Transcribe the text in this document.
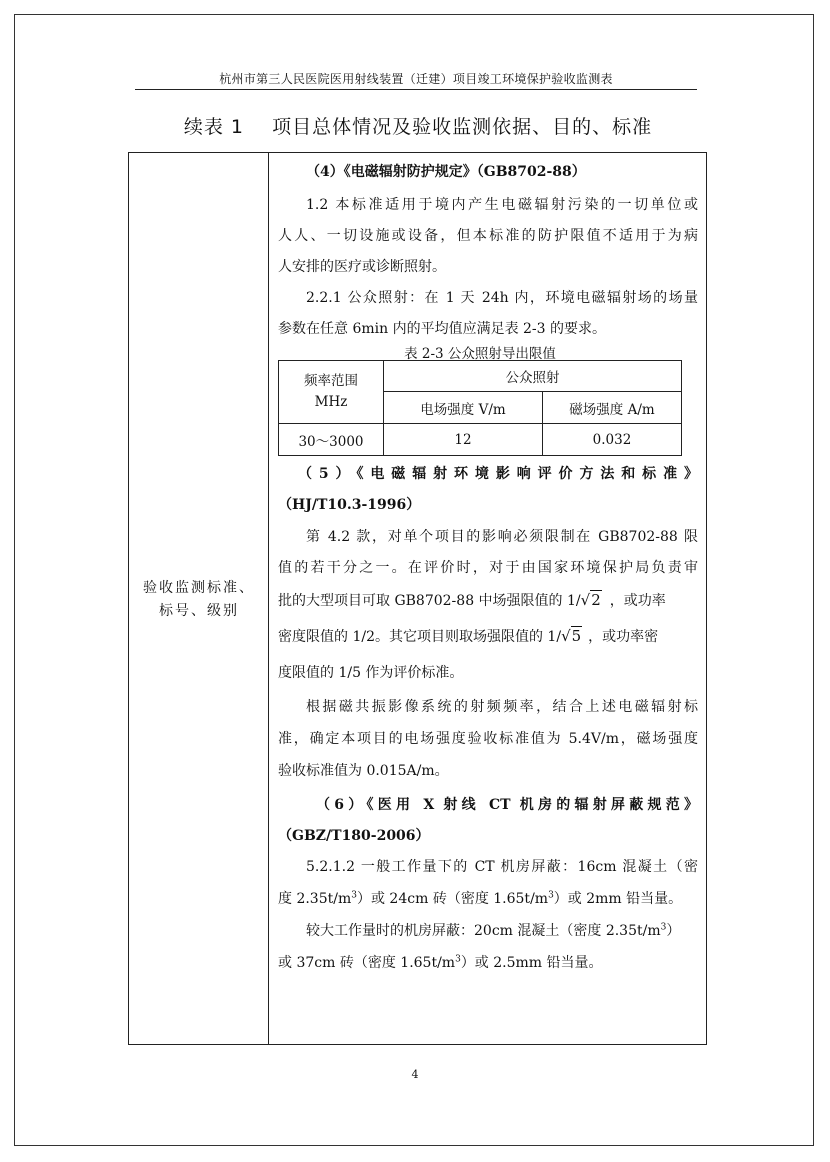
杭州市第三人民医院医用射线装置（迁建）项目竣工环境保护验收监测表
续表 1    项目总体情况及验收监测依据、目的、标准
验收监测标准、
标号、级别
（4）《电磁辐射防护规定》（GB8702-88）
1.2 本标准适用于境内产生电磁辐射污染的一切单位或
人人、一切设施或设备，但本标准的防护限值不适用于为病
人安排的医疗或诊断照射。
2.2.1 公众照射：在 1 天 24h 内，环境电磁辐射场的场量
参数在任意 6min 内的平均值应满足表 2-3 的要求。
表 2-3 公众照射导出限值
频率范围
MHz	公众照射	
	电场强度 V/m	磁场强度 A/m
30～3000	12	0.032
（5）《电磁辐射环境影响评价方法和标准》
（HJ/T10.3-1996）
第 4.2 款，对单个项目的影响必须限制在 GB8702-88 限
值的若干分之一。在评价时，对于由国家环境保护局负责审
批的大型项目可取 GB8702-88 中场强限值的 1/√2 ，或功率
密度限值的 1/2。其它项目则取场强限值的 1/√5 ，或功率密
度限值的 1/5 作为评价标准。
根据磁共振影像系统的射频频率，结合上述电磁辐射标
准，确定本项目的电场强度验收标准值为 5.4V/m，磁场强度
验收标准值为 0.015A/m。
（6）《医用 X 射线 CT 机房的辐射屏蔽规范》
（GBZ/T180-2006）
5.2.1.2 一般工作量下的 CT 机房屏蔽：16cm 混凝土（密
度 $2.35t/m^3$）或 24cm 砖（密度 $1.65t/m^3$）或 2mm 铅当量。
较大工作量时的机房屏蔽：20cm 混凝土（密度 $2.35t/m^3$）
或 37cm 砖（密度 $1.65t/m^3$）或 2.5mm 铅当量。
4
